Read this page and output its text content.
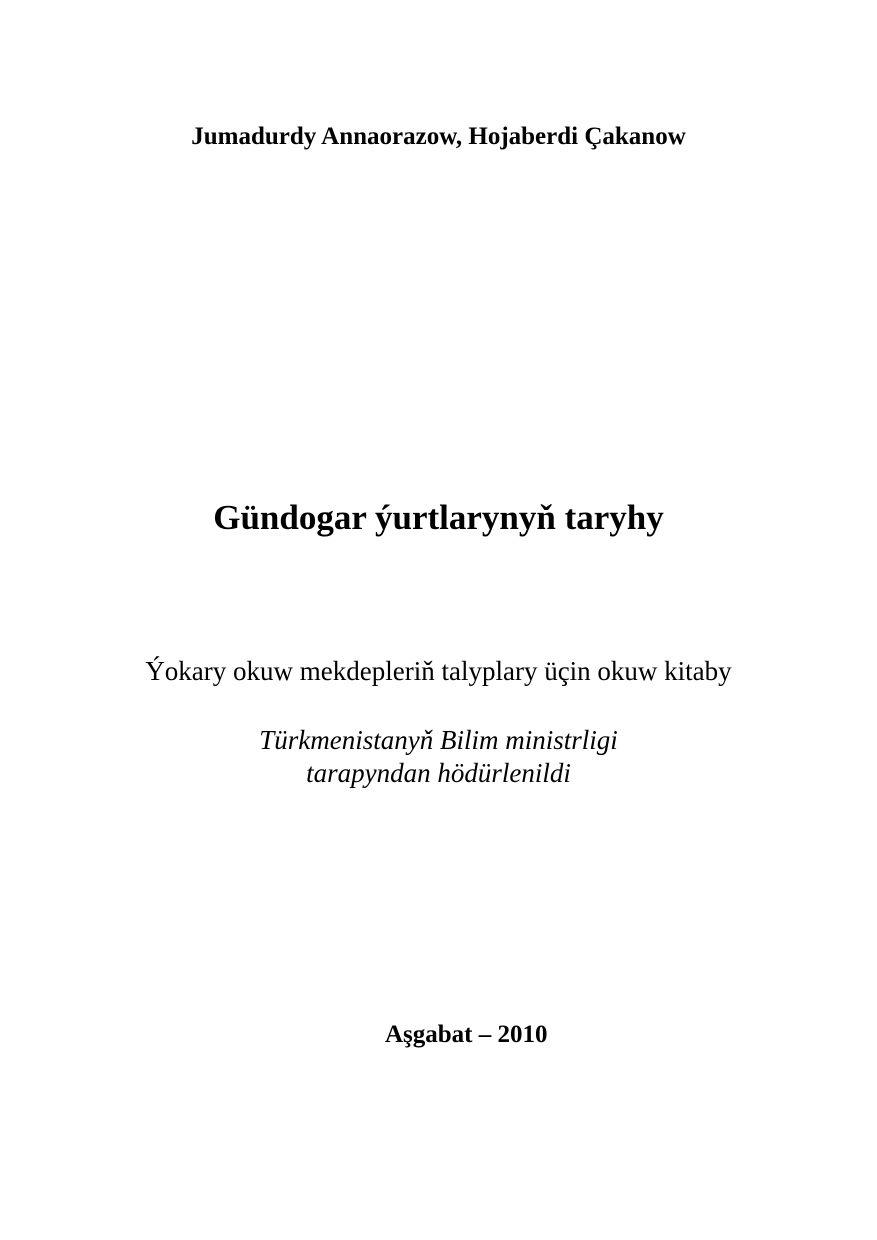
Jumadurdy Annaorazow, Hojaberdi Çakanow
Gündogar ýurtlarynyň taryhy
Ýokary okuw mekdepleriň talyplary üçin okuw kitaby
Türkmenistanyň Bilim ministrligi
tarapyndan hödürlenildi
Aşgabat – 2010
